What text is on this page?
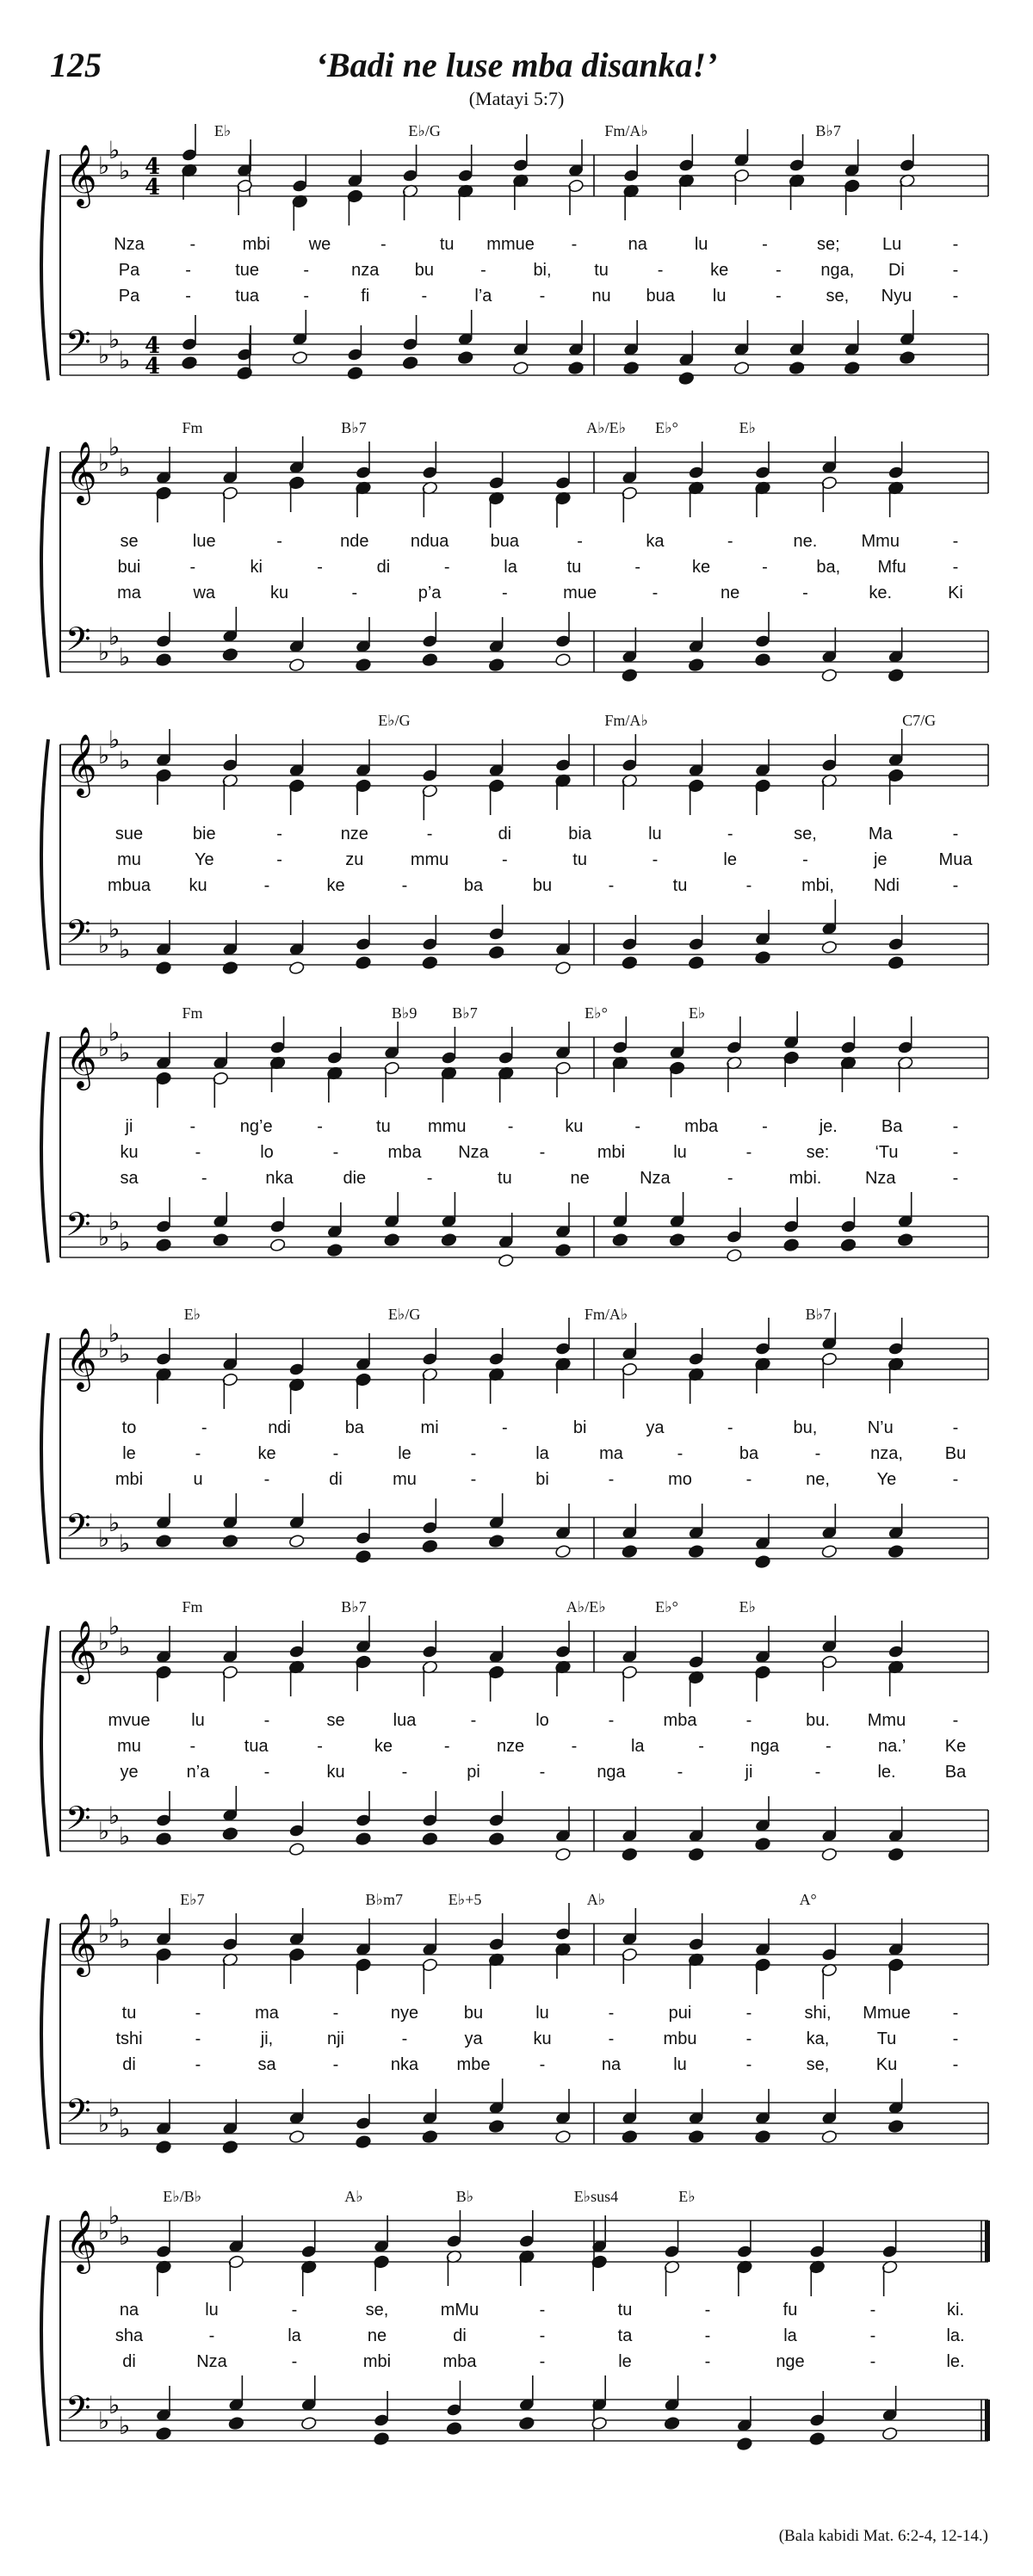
𝄞 ♭
♭
♭ 4
4
𝄢 ♭
♭
♭ 4
4
E♭	E♭/G	Fm/A♭	B♭7
Nza	-	mbi we	-	tu mmue -	na	lu	-	se; Lu	-
Pa	-	tue	- nza bu	-	bi, tu	-	ke	- nga, Di	-
Pa	-	tua	-	fi	-	l’a	-	nu bua lu	-	se, Nyu -
𝄞 ♭
♭
♭
𝄢 ♭
♭
♭
Fm	B♭7	A♭/E♭ E♭°	E♭
se	lue	-	nde ndua bua	-	ka	-	ne.	Mmu	-
bui	-	ki	-	di	-	la	tu	-	ke	-	ba, Mfu	-
ma	wa	ku	-	p’a	-	mue	-	ne	-	ke.	Ki
𝄞 ♭
♭
♭
𝄢 ♭
♭
♭
E♭/G	Fm/A♭	C7/G
sue	bie	-	nze	-	di	bia	lu	-	se,	Ma	-
mu	Ye	-	zu	mmu	-	tu	-	le	-	je	Mua
mbua ku	-	ke	-	ba	bu	-	tu	-	mbi, Ndi	-
𝄞 ♭
♭
♭
𝄢 ♭
♭
♭
Fm	B♭9 B♭7	E♭°	E♭
ji	-	ng’e	-	tu mmu -	ku	-	mba	-	je.	Ba	-
ku	-	lo	-	mba Nza	-	mbi	lu	-	se:	‘Tu	-
sa	-	nka	die	-	tu	ne	Nza	-	mbi.	Nza	-
𝄞 ♭
♭
♭
𝄢 ♭
♭
♭
E♭	E♭/G	Fm/A♭	B♭7
to	-	ndi	ba	mi	-	bi	ya	-	bu,	N’u	-
le	-	ke	-	le	-	la	ma	-	ba	-	nza, Bu
mbi	u	-	di	mu	-	bi	-	mo	-	ne,	Ye	-
𝄞 ♭
♭
♭
𝄢 ♭
♭
♭
Fm	B♭7	A♭/E♭	E♭°	E♭
mvue lu	-	se	lua	-	lo	-	mba	-	bu. Mmu	-
mu	-	tua	-	ke	-	nze	-	la	-	nga	-	na.’ Ke
ye	n’a	-	ku	-	pi	-	nga	-	ji	-	le.	Ba
𝄞 ♭
♭
♭
𝄢 ♭
♭
♭
E♭7	B♭m7	E♭+5	A♭	A°
tu	-	ma	-	nye	bu	lu	-	pui	-	shi, Mmue -
tshi	-	ji,	nji	-	ya	ku	-	mbu	-	ka,	Tu	-
di	-	sa	-	nka mbe	-	na	lu	-	se,	Ku	-
𝄞 ♭
♭
♭
𝄢 ♭
♭
♭
E♭/B♭	A♭	B♭	E♭sus4	E♭
na	lu	-	se,	mMu	-	tu	-	fu	-	ki.
sha	-	la	ne	di	-	ta	-	la	-	la.
di	Nza	-	mbi	mba	-	le	-	nge	-	le.
125	‘Badi ne luse mba disanka!’
(Matayi 5:7)
(Bala kabidi Mat. 6:2-4, 12-14.)
